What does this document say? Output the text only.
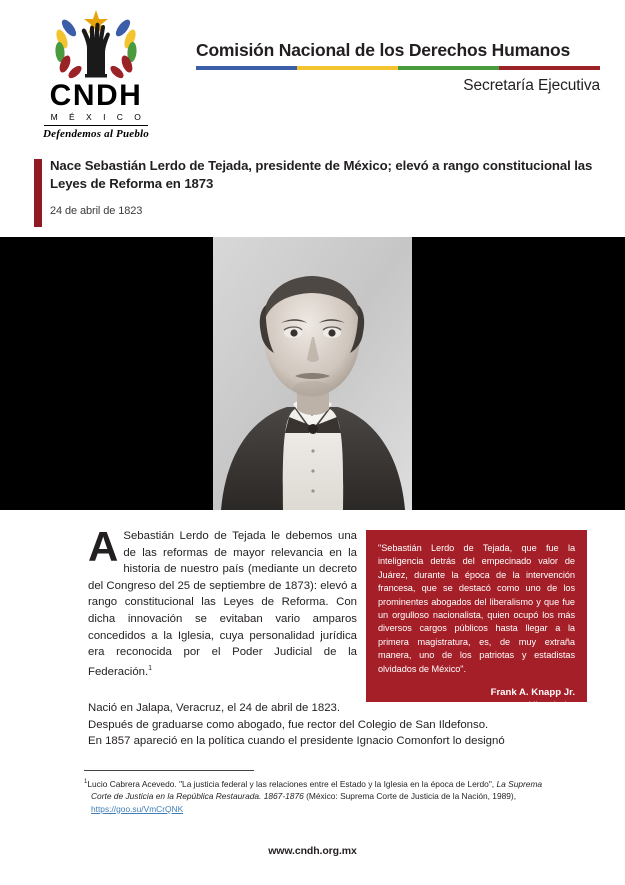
CNDH
M É X I C O
Defendemos al Pueblo
Comisión Nacional de los Derechos Humanos
Secretaría Ejecutiva
Nace Sebastián Lerdo de Tejada, presidente de México; elevó a rango constitucional las Leyes de Reforma en 1873
24 de abril de 1823
"Sebastián Lerdo de Tejada, que fue la inteligencia detrás del empecinado valor de Juárez, durante la época de la intervención francesa, que se destacó como uno de los prominentes abogados del liberalismo y que fue un orgulloso nacionalista, quien ocupó los más diversos cargos públicos hasta llegar a la primera magistratura, es, de muy extraña manera, uno de los patriotas y estadistas olvidados de México".
Frank A. Knapp Jr.
Historiador
A Sebastián Lerdo de Tejada le debemos una de las reformas de mayor relevancia en la historia de nuestro país (mediante un decreto del Congreso del 25 de septiembre de 1873): elevó a rango constitucional las Leyes de Reforma. Con dicha innovación se evitaban vario amparos concedidos a la Iglesia, cuya personalidad jurídica era reconocida por el Poder Judicial de la Federación.$^1$

Nació en Jalapa, Veracruz, el 24 de abril de 1823.

Después de graduarse como abogado, fue rector del Colegio de San Ildefonso.

En 1857 apareció en la política cuando el presidente Ignacio Comonfort lo designó

$^1$Lucio Cabrera Acevedo. "La justicia federal y las relaciones entre el Estado y la Iglesia en la época de Lerdo", La Suprema Corte de Justicia en la República Restaurada. 1867-1876 (México: Suprema Corte de Justicia de la Nación, 1989), https://goo.su/VmCrQNK
www.cndh.org.mx
